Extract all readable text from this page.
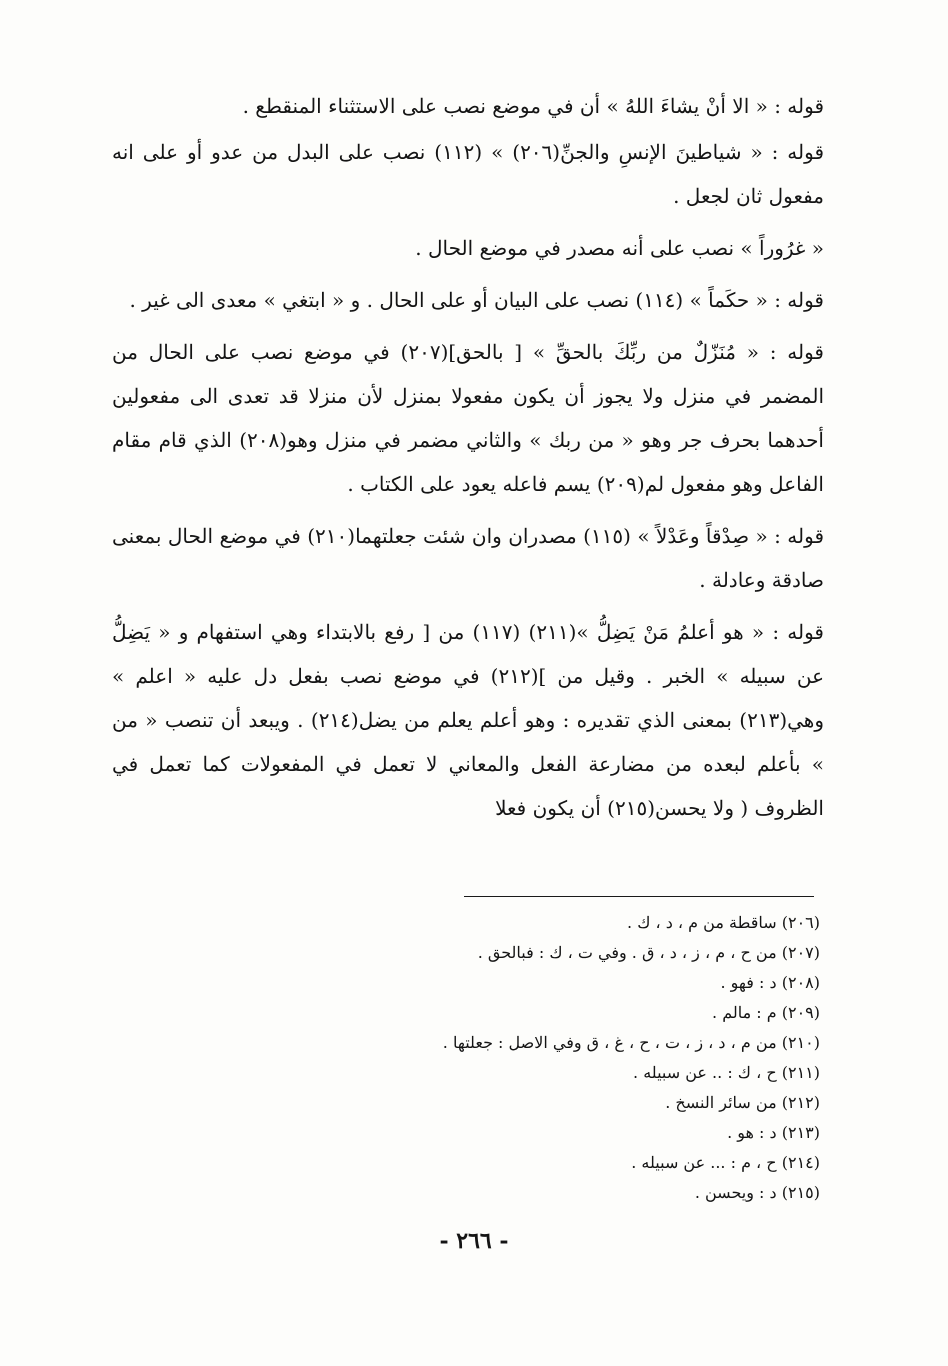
قوله : « الا أنْ يشاءَ اللهُ » أن في موضع نصب على الاستثناء المنقطع .

قوله : « شياطينَ الإنسِ والجنِّ(٢٠٦) » (١١٢) نصب على البدل من عدو أو على انه مفعول ثان لجعل .

« غرُوراً » نصب على أنه مصدر في موضع الحال .

قوله : « حكَماً » (١١٤) نصب على البيان أو على الحال . و « ابتغي » معدى الى غير .

قوله : « مُنَزّلٌ من ربِّكَ بالحقِّ » [ بالحق](٢٠٧) في موضع نصب على الحال من المضمر في منزل ولا يجوز أن يكون مفعولا بمنزل لأن منزلا قد تعدى الى مفعولين أحدهما بحرف جر وهو « من ربك » والثاني مضمر في منزل وهو(٢٠٨) الذي قام مقام الفاعل وهو مفعول لم(٢٠٩) يسم فاعله يعود على الكتاب .

قوله : « صِدْقاً وعَدْلاً » (١١٥) مصدران وان شئت جعلتهما(٢١٠) في موضع الحال بمعنى صادقة وعادلة .

قوله : « هو أعلمُ مَنْ يَضِلُّ »(٢١١) (١١٧) من [ رفع بالابتداء وهي استفهام و « يَضِلُّ عن سبيله » الخبر . وقيل من ](٢١٢) في موضع نصب بفعل دل عليه « اعلم » وهي(٢١٣) بمعنى الذي تقديره : وهو أعلم يعلم من يضل(٢١٤) . ويبعد أن تنصب « من » بأعلم لبعده من مضارعة الفعل والمعاني لا تعمل في المفعولات كما تعمل في الظروف ( ولا يحسن(٢١٥) أن يكون فعلا

(٢٠٦) ساقطة من م ، د ، ك .
(٢٠٧) من ح ، م ، ز ، د ، ق . وفي ت ، ك : فبالحق .
(٢٠٨) د : فهو .
(٢٠٩) م : مالم .
(٢١٠) من م ، د ، ز ، ت ، ح ، غ ، ق وفي الاصل : جعلتها .
(٢١١) ح ، ك : .. عن سبيله .
(٢١٢) من سائر النسخ .
(٢١٣) د : هو .
(٢١٤) ح ، م : ... عن سبيله .
(٢١٥) د : ويحسن .
- ٢٦٦ -
